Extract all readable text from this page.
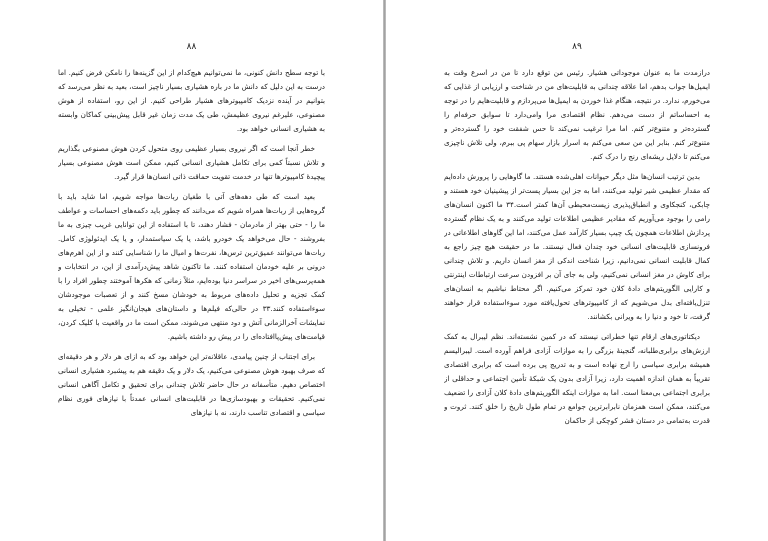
۸۸

با توجه سطح دانش کنونی، ما نمی‌توانیم هیچ‌کدام از این گزینه‌ها را نامکن فرض کنیم. اما درست به این دلیل که دانش ما در باره هشیاری بسیار ناچیز است، بعید به نظر می‌رسد که بتوانیم در آینده نزدیک کامپیوترهای هشیار طراحی کنیم. از این رو، استفاده از هوش مصنوعی، علیرغم نیروی عظیمش، طی یک مدت زمان غیر قابل پیش‌بینی کماکان وابسته به هشیاری انسانی خواهد بود.

خطر آنجا است که اگر نیروی بسیار عظیمی روی متحول کردن هوش مصنوعی بگذاریم و تلاش نسبتاً کمی برای تکامل هشیاری انسانی کنیم، ممکن است هوش مصنوعی بسیار پیچیدهٔ کامپیوترها تنها در خدمت تقویت حماقت ذاتی انسان‌ها قرار گیرد.

بعید است که طی دهه‌های آتی با طغیان ربات‌ها مواجه شویم، اما شاید باید با گروه‌هایی از ربات‌ها همراه شویم که می‌دانند که چطور باید دکمه‌های احساسات و عواطف ما را - حتی بهتر از مادرمان - فشار دهند، تا با استفاده از این توانایی غریب چیزی به ما بفروشند - حال می‌خواهد یک خودرو باشد، یا یک سیاستمدار، و یا یک ایدئولوژی کامل. ربات‌ها می‌توانند عمیق‌ترین ترس‌ها، نفرت‌ها و امیال ما را شناسایی کنند و از این اهرم‌های درونی بر علیه خودمان استفاده کنند. ما تاکنون شاهد پیش‌درآمدی از این، در انتخابات و همه‌پرسی‌های اخیر در سراسر دنیا بوده‌ایم، مثلاً زمانی که هکرها آموختند چطور افراد را با کمک تجزیه و تحلیل داده‌های مربوط به خودشان مسخ کنند و از تعصبات موجودشان سوءاستفاده کنند.۳۳ در حالی‌که فیلم‌ها و داستان‌های هیجان‌انگیز علمی - تخیلی به نمایشات آخرالزمانی آتش و دود منتهی می‌شوند، ممکن است ما در واقعیت با کلیک کردن، قیامت‌های پیش‌پاافتاده‌ای را در پیش رو داشته باشیم.

برای اجتناب از چنین پیامدی، عاقلانه‌تر این خواهد بود که به ازای هر دلار و هر دقیقه‌ای که صرف بهبود هوش مصنوعی می‌کنیم، یک دلار و یک دقیقه هم به پیشبرد هشیاری انسانی اختصاص دهیم. متأسفانه در حال حاضر تلاش چندانی برای تحقیق و تکامل آگاهی انسانی نمی‌کنیم. تحقیقات و بهبودسازی‌ها در قابلیت‌های انسانی عمدتاً با نیازهای فوری نظام سیاسی و اقتصادی تناسب دارند، نه با نیازهای

۸۹

درازمدت ما به عنوان موجوداتی هشیار. رئیس من توقع دارد تا من در اسرع وقت به ایمیل‌ها جواب بدهم، اما علاقه چندانی به قابلیت‌های من در شناخت و ارزیابی از غذایی که می‌خورم، ندارد. در نتیجه، هنگام غذا خوردن به ایمیل‌ها می‌پردازم و قابلیت‌هایم را در توجه به احساساتم از دست می‌دهم. نظام اقتصادی مرا وامی‌دارد تا سوابق حرفه‌ام را گسترده‌تر و متنوع‌تر کنم. اما مرا ترغیب نمی‌کند تا حس شفقت خود را گسترده‌تر و متنوع‌تر کنم. بنابر این من سعی می‌کنم به اسرار بازار سهام پی ببرم، ولی تلاش ناچیزی می‌کنم تا دلایل ریشه‌ای رنج را درک کنم.

بدین ترتیب انسان‌ها مثل دیگر حیوانات اهلی‌شده هستند. ما گاوهایی را پرورش داده‌ایم که مقدار عظیمی شیر تولید می‌کنند، اما به جز این بسیار پست‌تر از پیشینیان خود هستند و چابکی، کنجکاوی و انطباق‌پذیری زیست‌محیطی آن‌ها کمتر است.۳۴ ما اکنون انسان‌های رامی را بوجود می‌آوریم که مقادیر عظیمی اطلاعات تولید می‌کنند و به یک نظام گسترده پردازش اطلاعات همچون یک چیپ بسیار کارآمد عمل می‌کنند، اما این گاوهای اطلاعاتی در فرونسازی قابلیت‌های انسانی خود چندان فعال نیستند. ما در حقیقت هیچ چیز راجع به کمال قابلیت انسانی نمی‌دانیم، زیرا شناخت اندکی از مغز انسان داریم. و تلاش چندانی برای کاوش در مغز انسانی نمی‌کنیم، ولی به جای آن بر افزودن سرعت ارتباطات اینترنتی و کارایی الگوریتم‌های دادهٔ کلان خود تمرکز می‌کنیم. اگر محتاط نباشیم به انسان‌های تنزل‌یافته‌ای بدل می‌شویم که از کامپیوترهای تحول‌یافته مورد سوءاستفاده قرار خواهند گرفت، تا خود و دنیا را به ویرانی بکشانند.

دیکتاتوری‌های ارقام تنها خطراتی نیستند که در کمین نشسته‌اند. نظم لیبرال به کمک ارزش‌های برابری‌طلبانه، گنجینهٔ بزرگی را به موازات آزادی فراهم آورده است. لیبرالیسم همیشه برابری سیاسی را ارج نهاده است و به تدریج پی برده است که برابری اقتصادی تقریباً به همان اندازه اهمیت دارد، زیرا آزادی بدون یک شبکهٔ تأمین اجتماعی و حداقلی از برابری اجتماعی بی‌معنا است. اما به موازات اینکه الگوریتم‌های دادهٔ کلان آزادی را تضعیف می‌کنند، ممکن است همزمان نابرابرترین جوامع در تمام طول تاریخ را خلق کنند. ثروت و قدرت به‌تمامی در دستان قشر کوچکی از حاکمان
